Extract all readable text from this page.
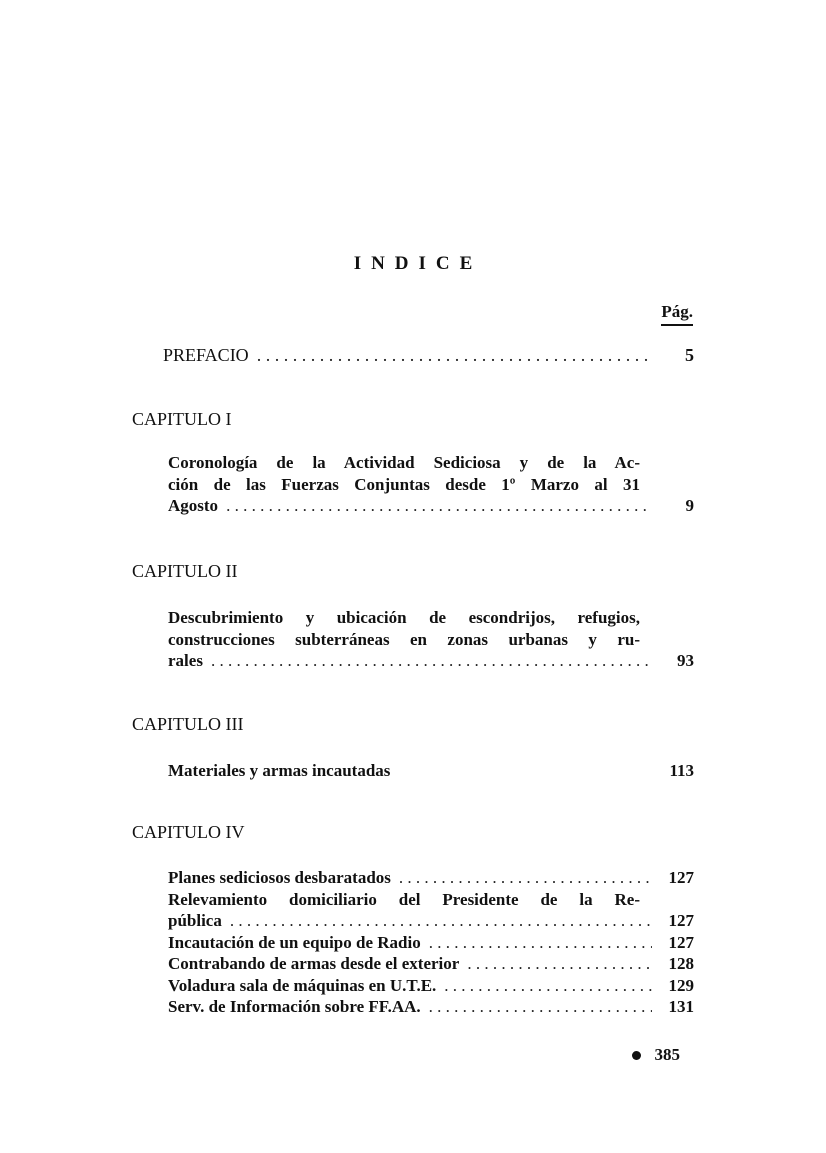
INDICE
Pág.
PREFACIO . . .	5
CAPITULO I
Coronología de la Actividad Sediciosa y de la Ac-
ción de las Fuerzas Conjuntas desde 1º Marzo al 31
Agosto . . .	9
CAPITULO II
Descubrimiento y ubicación de escondrijos, refugios,
construcciones subterráneas en zonas urbanas y ru-
rales . . .	93
CAPITULO III
Materiales y armas incautadas	113
CAPITULO IV
Planes sediciosos desbaratados . . .	127
Relevamiento domiciliario del Presidente de la Re-
pública . . .	127
Incautación de un equipo de Radio . . .	127
Contrabando de armas desde el exterior . . .	128
Voladura sala de máquinas en U.T.E. . . .	129
Serv. de Información sobre FF.AA. . . .	131
385
